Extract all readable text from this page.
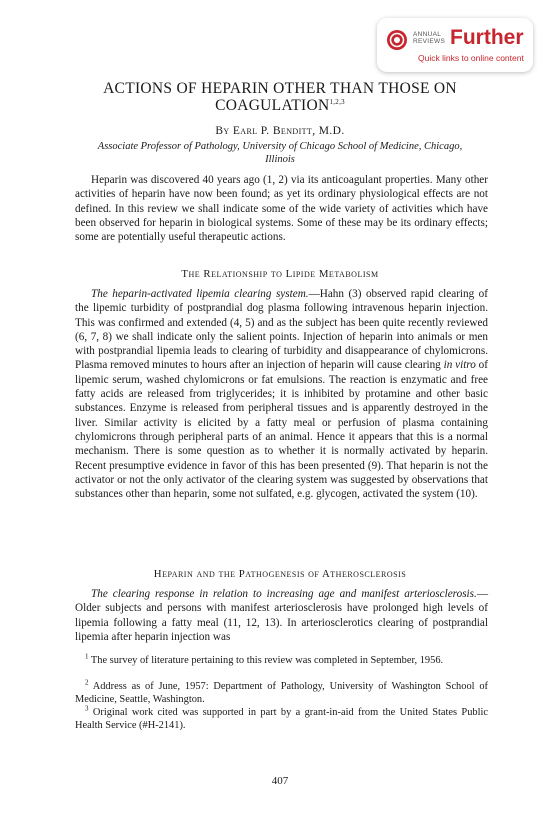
ANNUAL
REVIEWS Further
Quick links to online content
ACTIONS OF HEPARIN OTHER THAN THOSE ON COAGULATION$^{1,2,3}$
By Earl P. Benditt, M.D.
Associate Professor of Pathology, University of Chicago School of Medicine, Chicago, Illinois

Heparin was discovered 40 years ago (1, 2) via its anticoagulant properties. Many other activities of heparin have now been found; as yet its ordinary physiological effects are not defined. In this review we shall indicate some of the wide variety of activities which have been observed for heparin in biological systems. Some of these may be its ordinary effects; some are potentially useful therapeutic actions.

The Relationship to Lipide Metabolism

The heparin-activated lipemia clearing system.—Hahn (3) observed rapid clearing of the lipemic turbidity of postprandial dog plasma following intravenous heparin injection. This was confirmed and extended (4, 5) and as the subject has been quite recently reviewed (6, 7, 8) we shall indicate only the salient points. Injection of heparin into animals or men with postprandial lipemia leads to clearing of turbidity and disappearance of chylomicrons. Plasma removed minutes to hours after an injection of heparin will cause clearing in vitro of lipemic serum, washed chylomicrons or fat emulsions. The reaction is enzymatic and free fatty acids are released from triglycerides; it is inhibited by protamine and other basic substances. Enzyme is released from peripheral tissues and is apparently destroyed in the liver. Similar activity is elicited by a fatty meal or perfusion of plasma containing chylomicrons through peripheral parts of an animal. Hence it appears that this is a normal mechanism. There is some question as to whether it is normally activated by heparin. Recent presumptive evidence in favor of this has been presented (9). That heparin is not the activator or not the only activator of the clearing system was suggested by observations that substances other than heparin, some not sulfated, e.g. glycogen, activated the system (10).

Heparin and the Pathogenesis of Atherosclerosis

The clearing response in relation to increasing age and manifest arteriosclerosis.—Older subjects and persons with manifest arteriosclerosis have prolonged high levels of lipemia following a fatty meal (11, 12, 13). In arteriosclerotics clearing of postprandial lipemia after heparin injection was

$^1$ The survey of literature pertaining to this review was completed in September, 1956.

$^2$ Address as of June, 1957: Department of Pathology, University of Washington School of Medicine, Seattle, Washington.

$^3$ Original work cited was supported in part by a grant-in-aid from the United States Public Health Service (#H-2141).

407
